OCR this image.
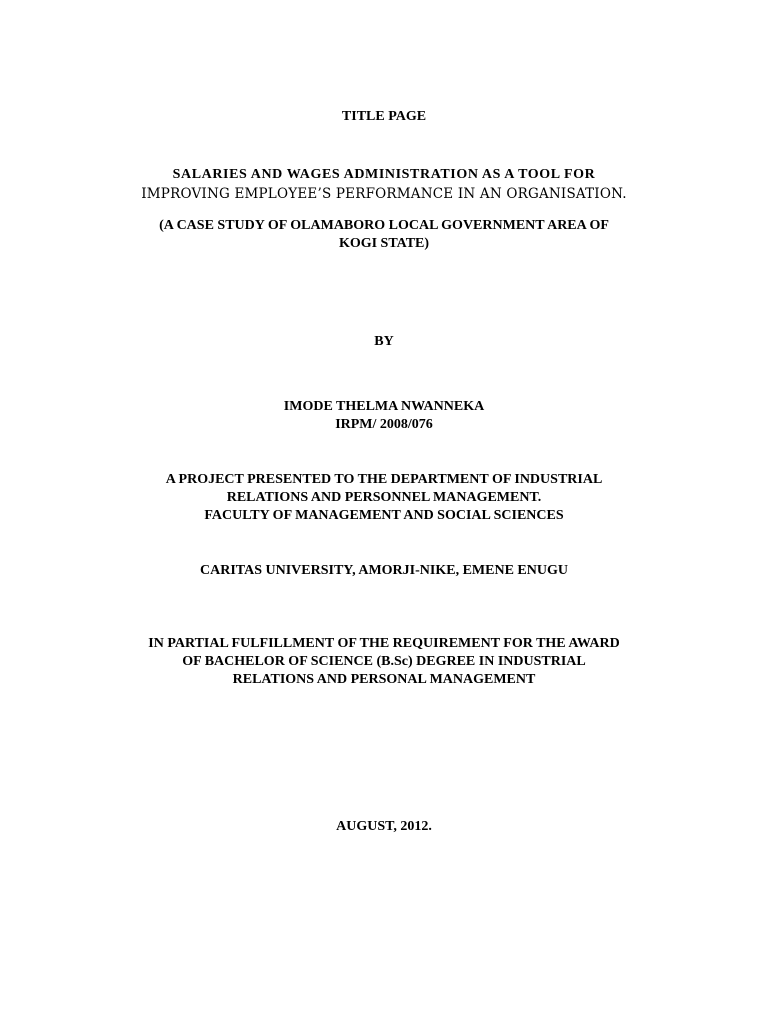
TITLE PAGE
SALARIES AND WAGES ADMINISTRATION AS A TOOL FOR
IMPROVING EMPLOYEE’S PERFORMANCE IN AN ORGANISATION.
(A CASE STUDY OF OLAMABORO LOCAL GOVERNMENT AREA OF
KOGI STATE)
BY
IMODE THELMA NWANNEKA
IRPM/ 2008/076
A PROJECT PRESENTED TO THE DEPARTMENT OF INDUSTRIAL
RELATIONS AND PERSONNEL MANAGEMENT.
FACULTY OF MANAGEMENT AND SOCIAL SCIENCES
CARITAS UNIVERSITY, AMORJI-NIKE, EMENE ENUGU
IN PARTIAL FULFILLMENT OF THE REQUIREMENT FOR THE AWARD
OF BACHELOR OF SCIENCE (B.Sc) DEGREE IN INDUSTRIAL
RELATIONS AND PERSONAL MANAGEMENT
AUGUST, 2012.
